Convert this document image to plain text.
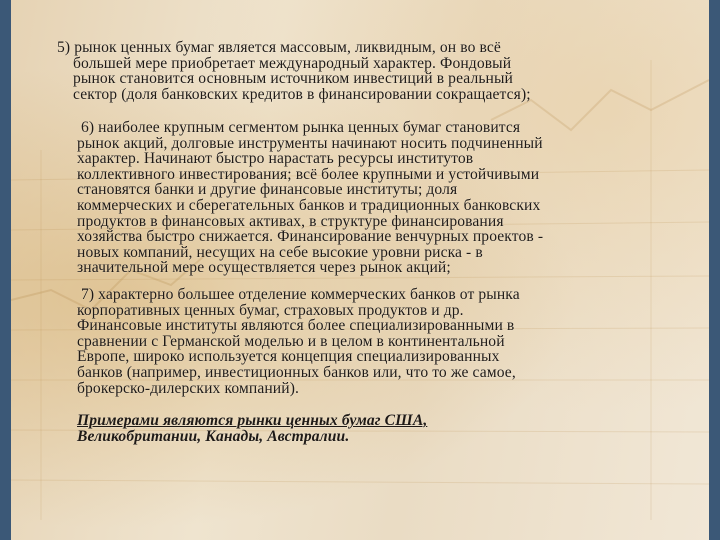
5) рынок ценных бумаг является массовым, ликвидным, он во всё
большей мере приобретает международный характер. Фондовый
рынок становится основным источником инвестиций в реальный
сектор (доля банковских кредитов в финансировании сокращается);
6) наиболее крупным сегментом рынка ценных бумаг становится
рынок акций, долговые инструменты начинают носить подчиненный
характер. Начинают быстро нарастать ресурсы институтов
коллективного инвестирования; всё более крупными и устойчивыми
становятся банки и другие финансовые институты; доля
коммерческих и сберегательных банков и традиционных банковских
продуктов в финансовых активах, в структуре финансирования
хозяйства быстро снижается. Финансирование венчурных проектов -
новых компаний, несущих на себе высокие уровни риска - в
значительной мере осуществляется через рынок акций;
7) характерно большее отделение коммерческих банков от рынка
корпоративных ценных бумаг, страховых продуктов и др.
Финансовые институты являются более специализированными в
сравнении с Германской моделью и в целом в континентальной
Европе, широко используется концепция специализированных
банков (например, инвестиционных банков или, что то же самое,
брокерско-дилерских компаний).
Примерами являются рынки ценных бумаг США,
Великобритании, Канады, Австралии.
